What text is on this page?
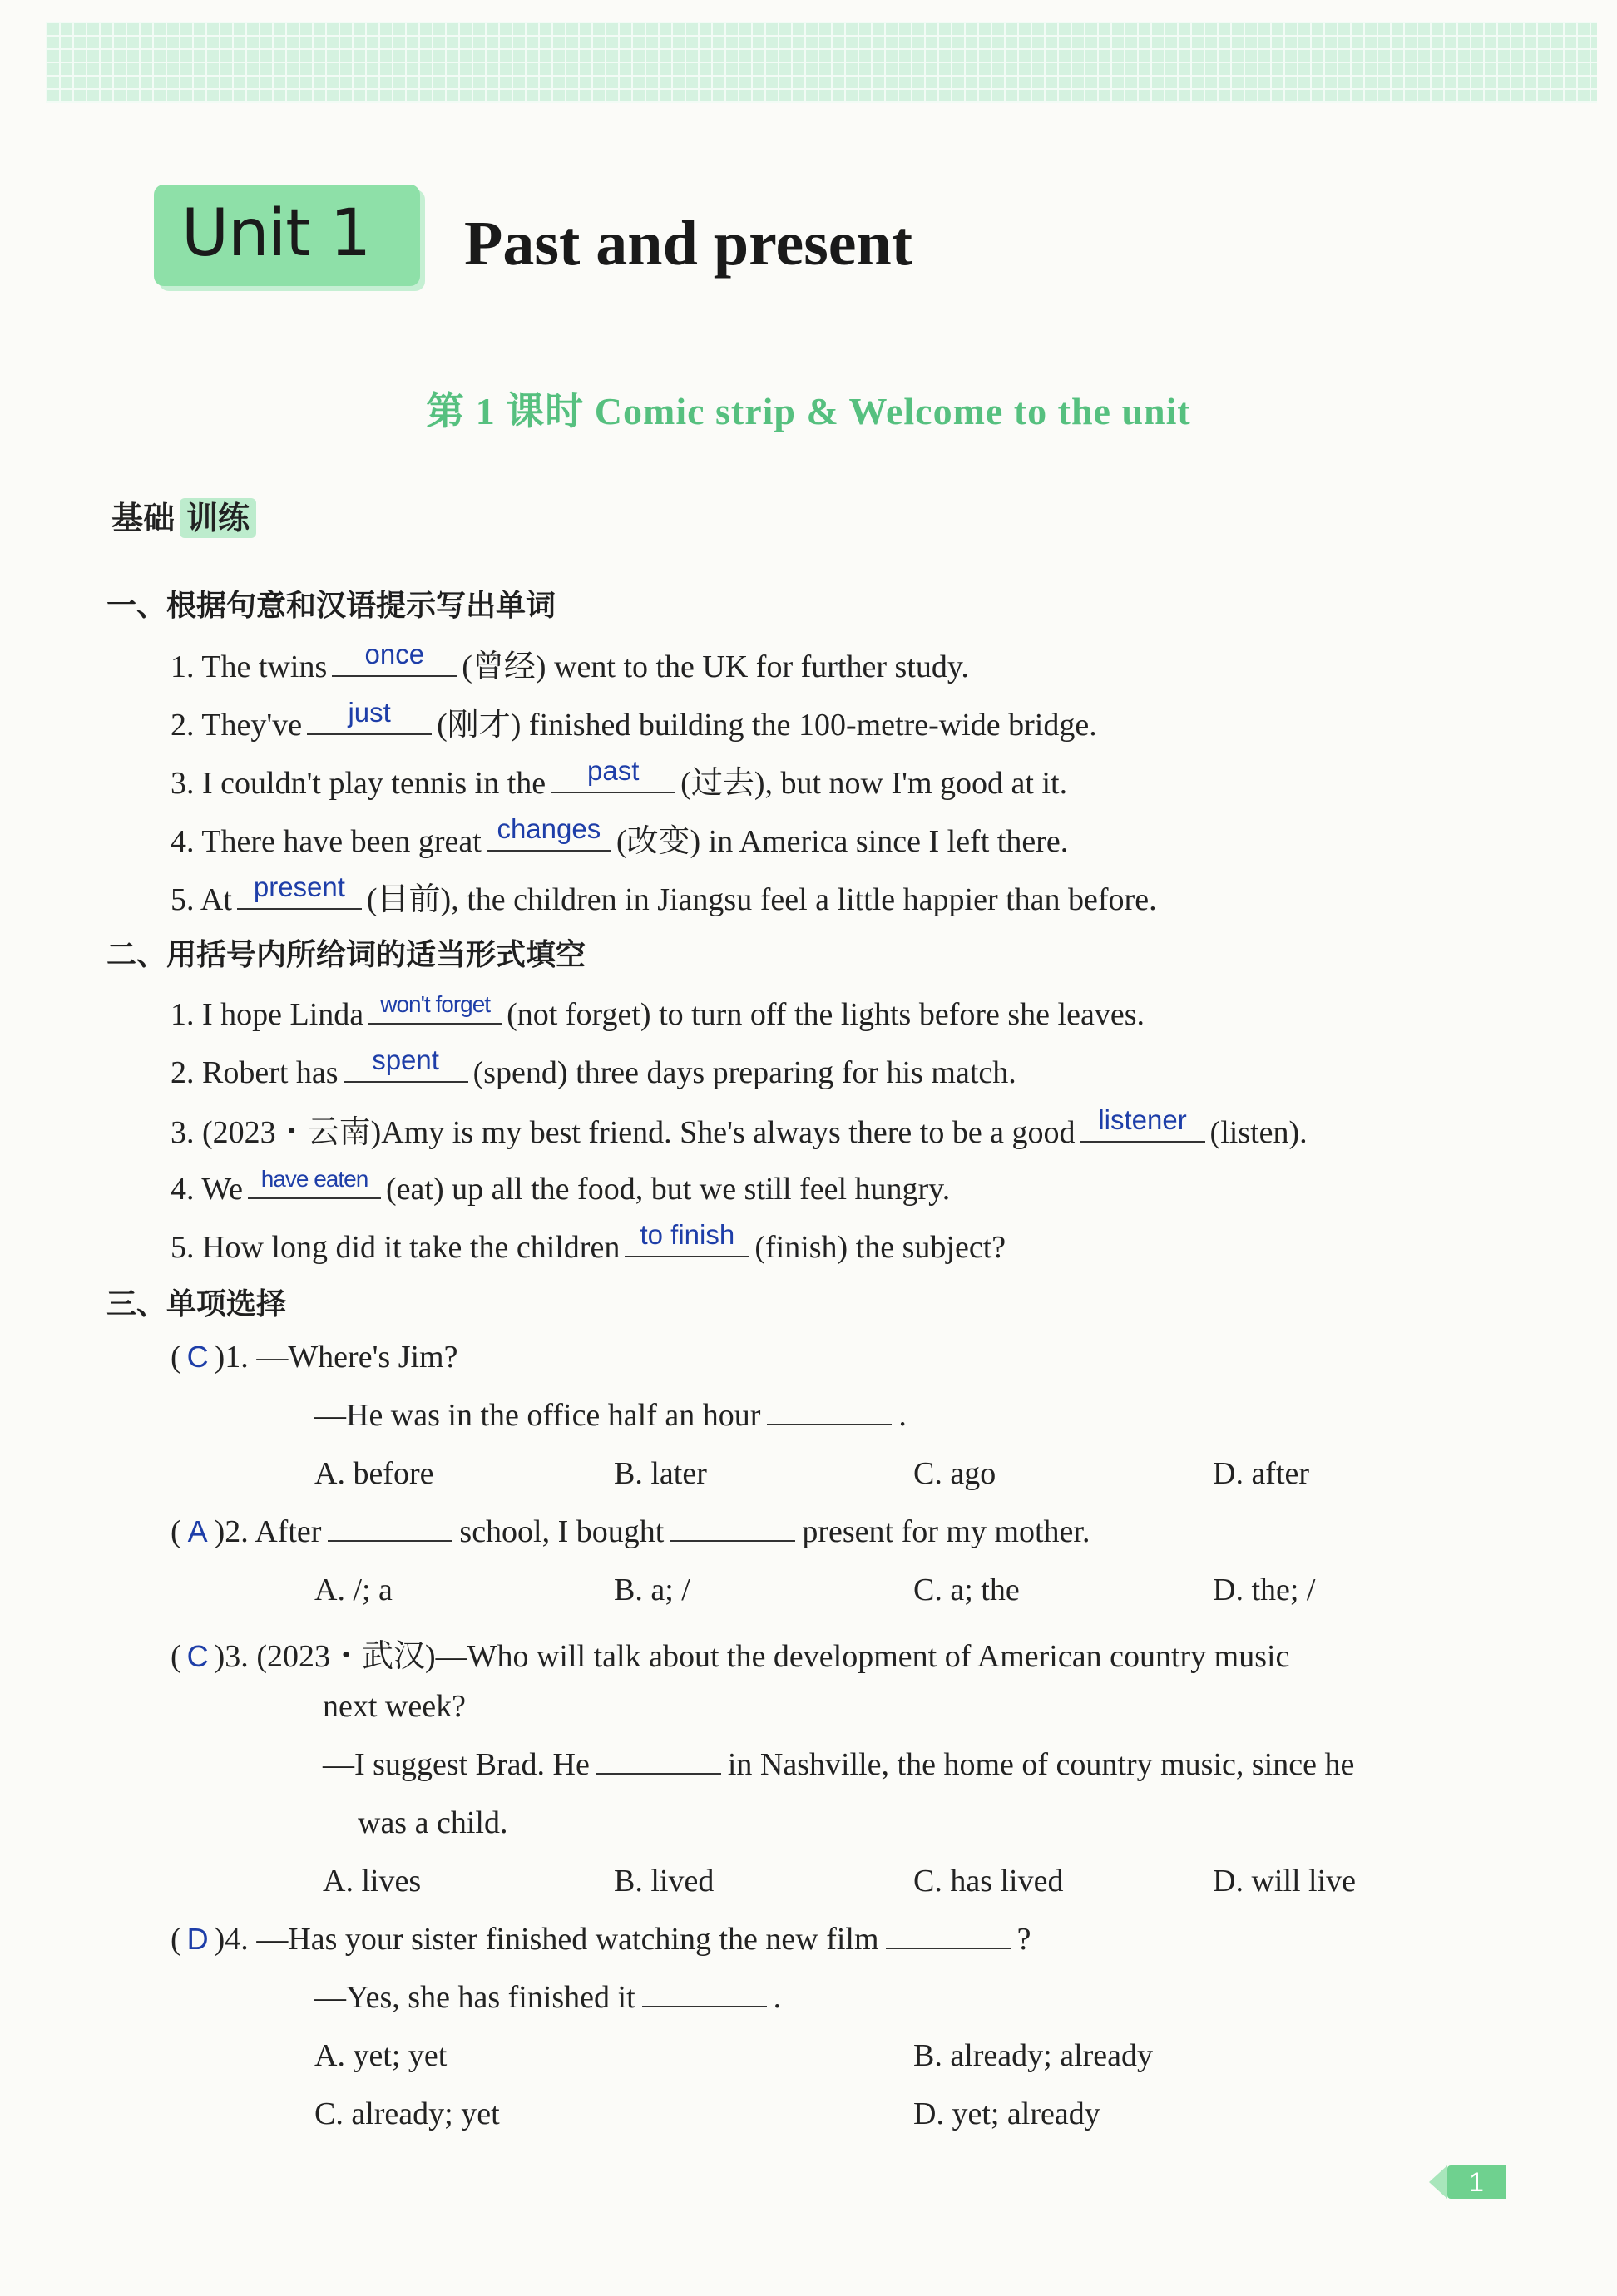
Unit 1 Past and present
第 1 课时 Comic strip & Welcome to the unit
基础 训练
一、根据句意和汉语提示写出单词
1. The twins	once	(曾经) went to the UK for further study.
2. They've	just	(刚才) finished building the 100-metre-wide bridge.
3. I couldn't play tennis in the	past	(过去), but now I'm good at it.
4. There have been great changes (改变) in America since I left there.
5. At present (目前), the children in Jiangsu feel a little happier than before.
二、用括号内所给词的适当形式填空
1. I hope Linda won't forget (not forget) to turn off the lights before she leaves.
2. Robert has	spent	(spend) three days preparing for his match.
3. (2023・云南)Amy is my best friend. She's always there to be a good listener (listen).
4. We have eaten (eat) up all the food, but we still feel hungry.
5. How long did it take the children to finish (finish) the subject?
三、单项选择
( C )1. —Where's Jim?
—He was in the office half an hour	.
A. before	B. later	C. ago	D. after
( A )2. After	school, I bought	present for my mother.
A. /; a	B. a; /	C. a; the	D. the; /
( C )3. (2023・武汉)—Who will talk about the development of American country music
next week?
—I suggest Brad. He	in Nashville, the home of country music, since he
was a child.
A. lives	B. lived	C. has lived	D. will live
( D )4. —Has your sister finished watching the new film	?
—Yes, she has finished it	.
A. yet; yet	B. already; already
C. already; yet	D. yet; already
1
